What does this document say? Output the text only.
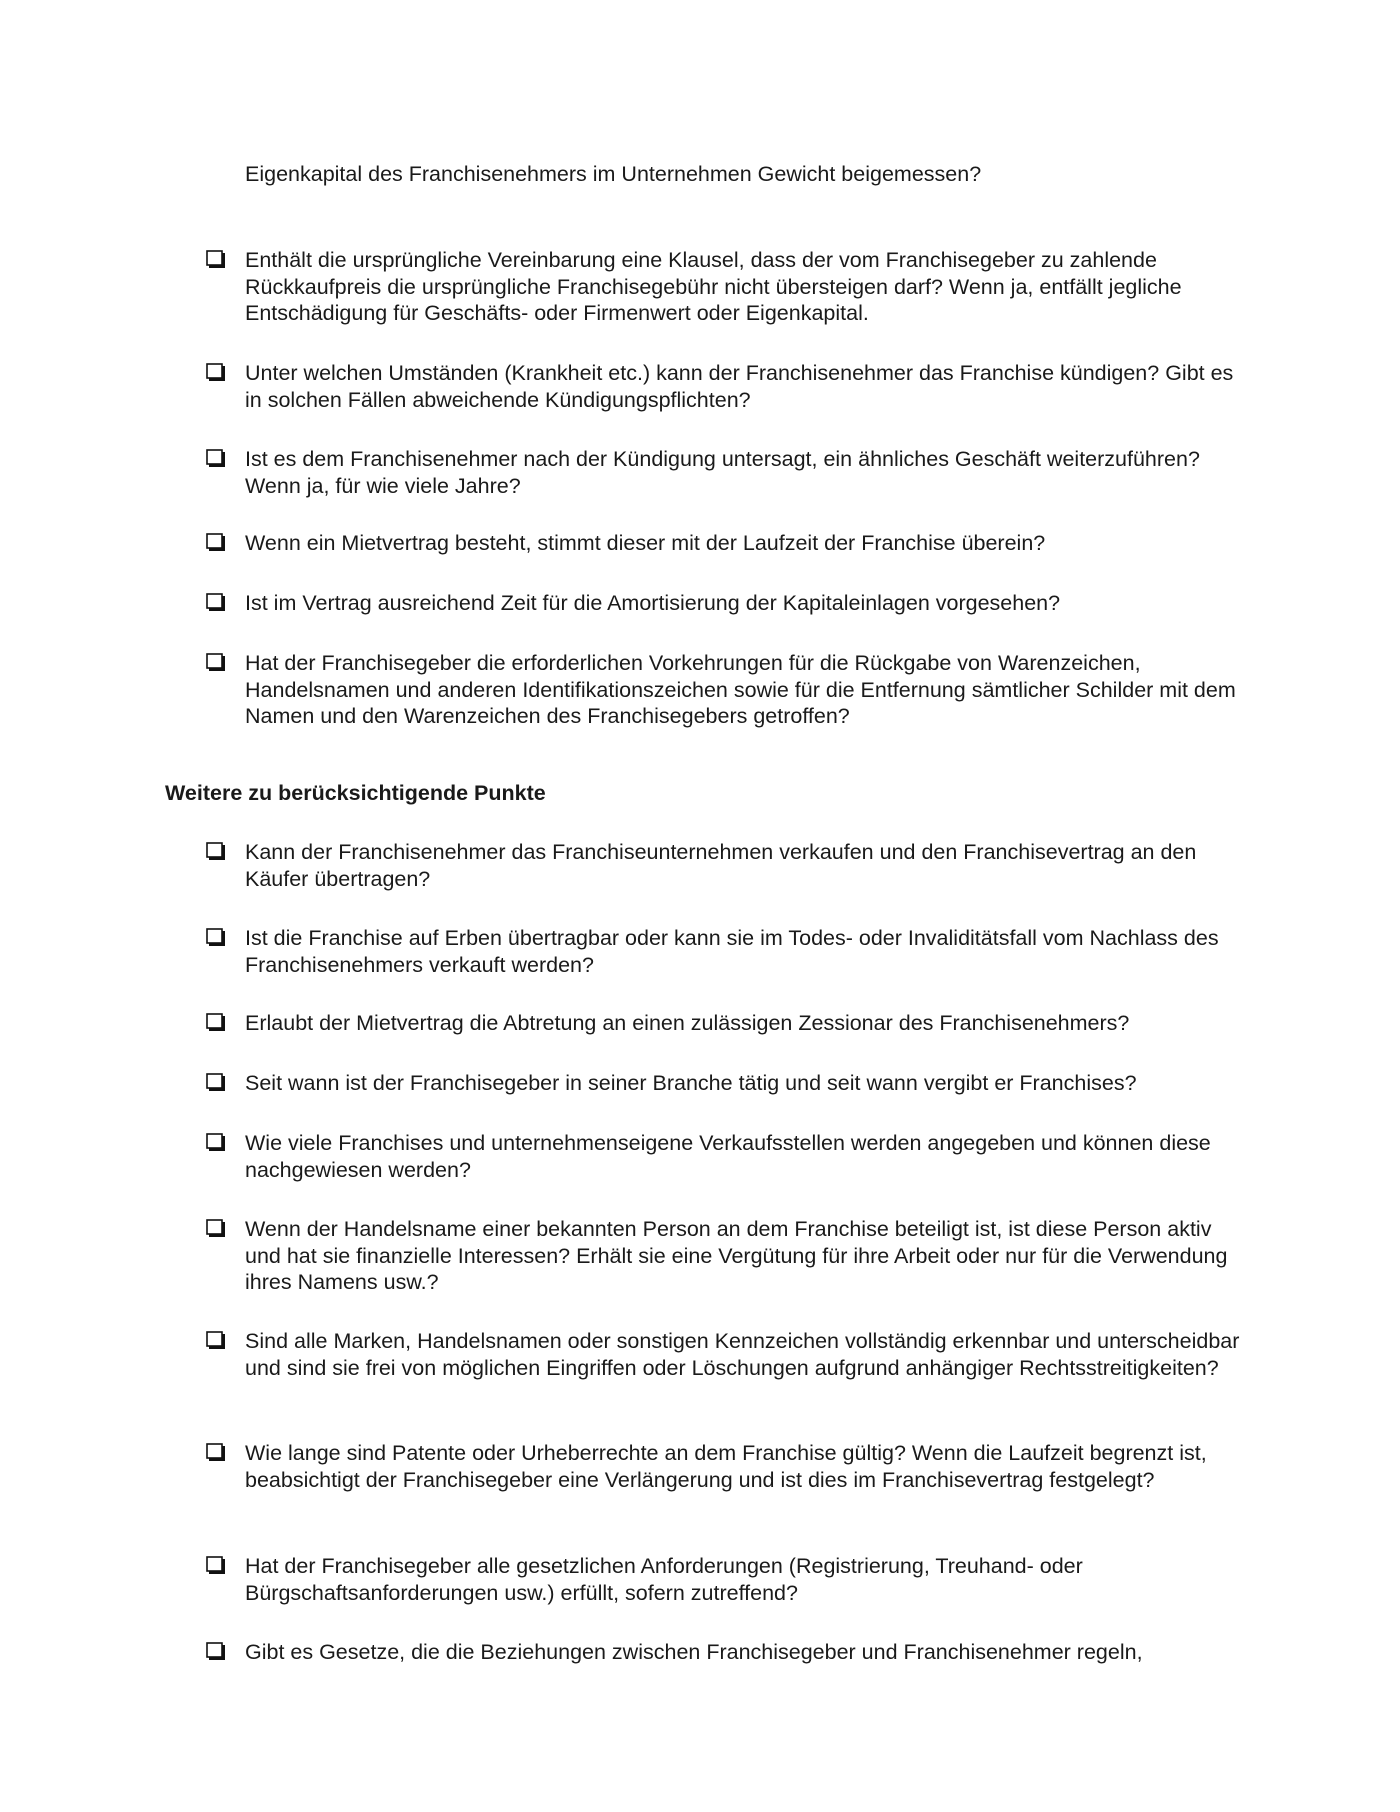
Eigenkapital des Franchisenehmers im Unternehmen Gewicht beigemessen?

Enthält die ursprüngliche Vereinbarung eine Klausel, dass der vom Franchisegeber zu zahlende Rückkaufpreis die ursprüngliche Franchisegebühr nicht übersteigen darf? Wenn ja, entfällt jegliche Entschädigung für Geschäfts- oder Firmenwert oder Eigenkapital.

Unter welchen Umständen (Krankheit etc.) kann der Franchisenehmer das Franchise kündigen? Gibt es in solchen Fällen abweichende Kündigungspflichten?

Ist es dem Franchisenehmer nach der Kündigung untersagt, ein ähnliches Geschäft weiterzuführen? Wenn ja, für wie viele Jahre?

Wenn ein Mietvertrag besteht, stimmt dieser mit der Laufzeit der Franchise überein?

Ist im Vertrag ausreichend Zeit für die Amortisierung der Kapitaleinlagen vorgesehen?

Hat der Franchisegeber die erforderlichen Vorkehrungen für die Rückgabe von Warenzeichen, Handelsnamen und anderen Identifikationszeichen sowie für die Entfernung sämtlicher Schilder mit dem Namen und den Warenzeichen des Franchisegebers getroffen?

Weitere zu berücksichtigende Punkte

Kann der Franchisenehmer das Franchiseunternehmen verkaufen und den Franchisevertrag an den Käufer übertragen?

Ist die Franchise auf Erben übertragbar oder kann sie im Todes- oder Invaliditätsfall vom Nachlass des Franchisenehmers verkauft werden?

Erlaubt der Mietvertrag die Abtretung an einen zulässigen Zessionar des Franchisenehmers?

Seit wann ist der Franchisegeber in seiner Branche tätig und seit wann vergibt er Franchises?

Wie viele Franchises und unternehmenseigene Verkaufsstellen werden angegeben und können diese nachgewiesen werden?

Wenn der Handelsname einer bekannten Person an dem Franchise beteiligt ist, ist diese Person aktiv und hat sie finanzielle Interessen? Erhält sie eine Vergütung für ihre Arbeit oder nur für die Verwendung ihres Namens usw.?

Sind alle Marken, Handelsnamen oder sonstigen Kennzeichen vollständig erkennbar und unterscheidbar und sind sie frei von möglichen Eingriffen oder Löschungen aufgrund anhängiger Rechtsstreitigkeiten?

Wie lange sind Patente oder Urheberrechte an dem Franchise gültig? Wenn die Laufzeit begrenzt ist, beabsichtigt der Franchisegeber eine Verlängerung und ist dies im Franchisevertrag festgelegt?

Hat der Franchisegeber alle gesetzlichen Anforderungen (Registrierung, Treuhand- oder Bürgschaftsanforderungen usw.) erfüllt, sofern zutreffend?

Gibt es Gesetze, die die Beziehungen zwischen Franchisegeber und Franchisenehmer regeln,
